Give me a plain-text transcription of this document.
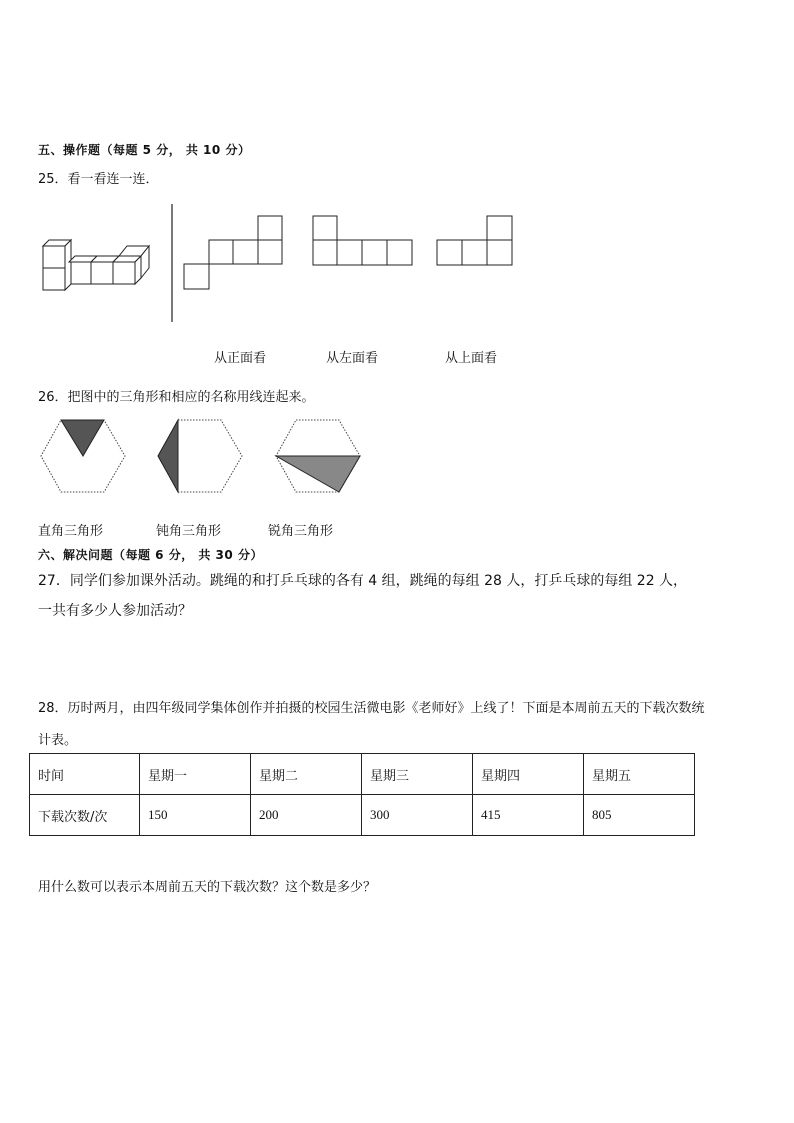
五、操作题（每题 5 分， 共 10 分）
25．看一看连一连．
从正面看	从左面看	从上面看
26．把图中的三角形和相应的名称用线连起来。
直角三角形	钝角三角形	锐角三角形
六、解决问题（每题 6 分， 共 30 分）
27．同学们参加课外活动。跳绳的和打乒乓球的各有 4 组，跳绳的每组 28 人，打乒乓球的每组 22 人，
一共有多少人参加活动？
28．历时两月，由四年级同学集体创作并拍摄的校园生活微电影《老师好》上线了！下面是本周前五天的下载次数统
计表。
时间	星期一	星期二	星期三	星期四	星期五
下载次数/次	150	200	300	415	805
用什么数可以表示本周前五天的下载次数？这个数是多少？
